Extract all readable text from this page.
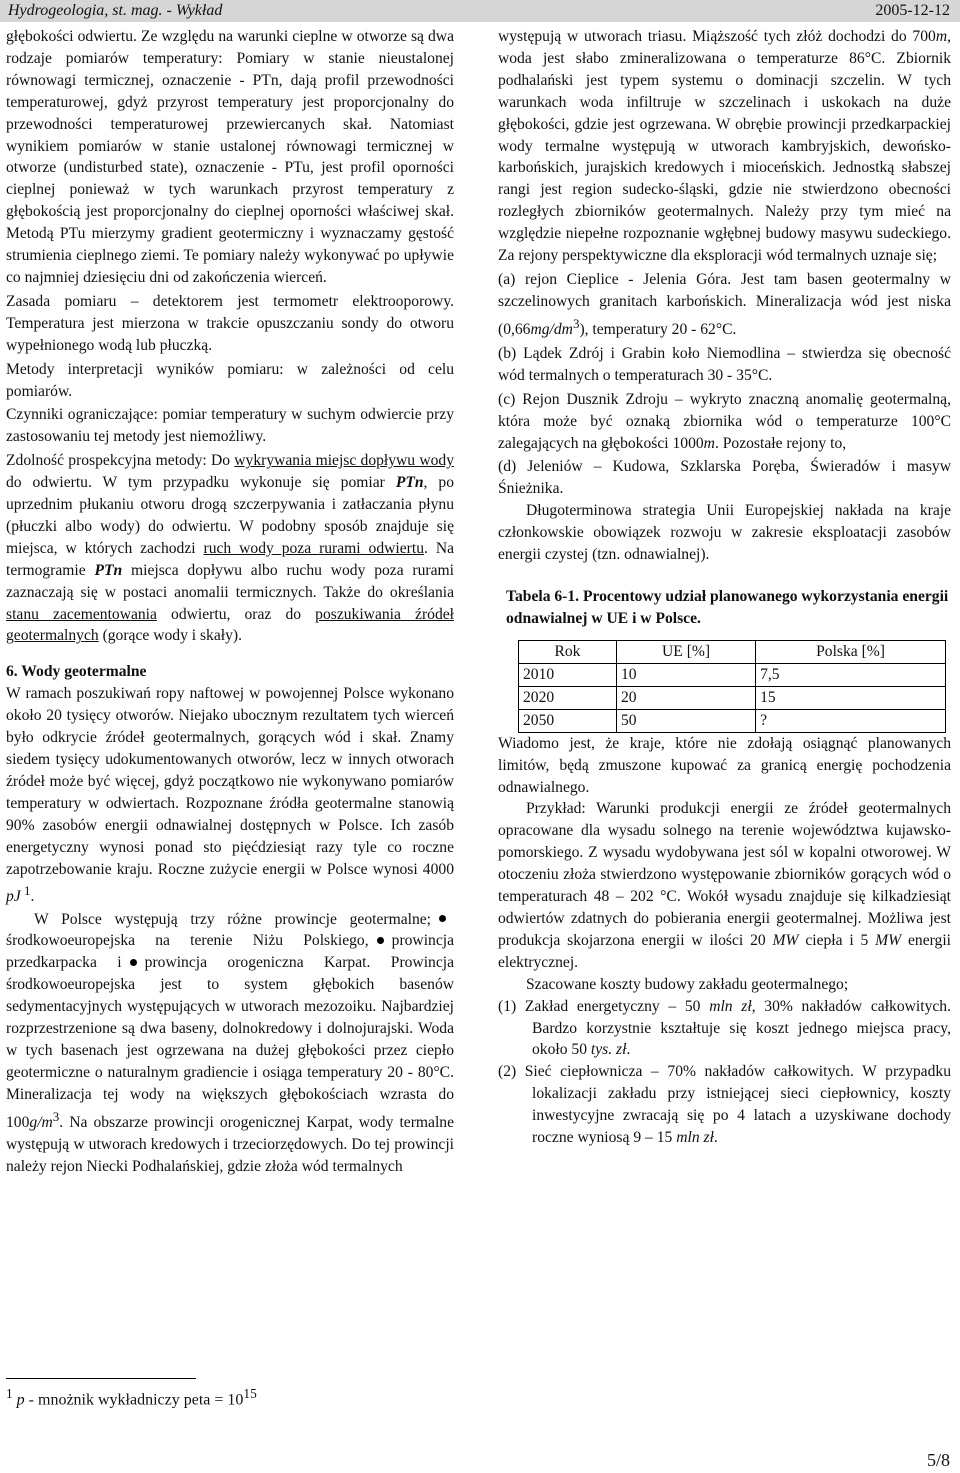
Hydrogeologia, st. mag. - Wykład	2005-12-12

głębokości odwiertu. Ze względu na warunki cieplne w otworze są dwa rodzaje pomiarów temperatury: Pomiary w stanie nieustalonej równowagi termicznej, oznaczenie - PTn, dają profil przewodności temperaturowej, gdyż przyrost temperatury jest proporcjonalny do przewodności temperaturowej przewiercanych skał. Natomiast wynikiem pomiarów w stanie ustalonej równowagi termicznej w otworze (undisturbed state), oznaczenie - PTu, jest profil oporności cieplnej ponieważ w tych warunkach przyrost temperatury z głębokością jest proporcjonalny do cieplnej oporności właściwej skał. Metodą PTu mierzymy gradient geotermiczny i wyznaczamy gęstość strumienia cieplnego ziemi. Te pomiary należy wykonywać po upływie co najmniej dziesięciu dni od zakończenia wierceń.

Zasada pomiaru – detektorem jest termometr elektrooporowy. Temperatura jest mierzona w trakcie opuszczaniu sondy do otworu wypełnionego wodą lub płuczką.

Metody interpretacji wyników pomiaru: w zależności od celu pomiarów.

Czynniki ograniczające: pomiar temperatury w suchym odwiercie przy zastosowaniu tej metody jest niemożliwy.

Zdolność prospekcyjna metody: Do wykrywania miejsc dopływu wody do odwiertu. W tym przypadku wykonuje się pomiar PTn, po uprzednim płukaniu otworu drogą szczerpywania i zatłaczania płynu (płuczki albo wody) do odwiertu. W podobny sposób znajduje się miejsca, w których zachodzi ruch wody poza rurami odwiertu. Na termogramie PTn miejsca dopływu albo ruchu wody poza rurami zaznaczają się w postaci anomalii termicznych. Także do określania stanu zacementowania odwiertu, oraz do poszukiwania źródeł geotermalnych (gorące wody i skały).

6. Wody geotermalne

W ramach poszukiwań ropy naftowej w powojennej Polsce wykonano około 20 tysięcy otworów. Niejako ubocznym rezultatem tych wierceń było odkrycie źródeł geotermalnych, gorących wód i skał. Znamy siedem tysięcy udokumentowanych otworów, lecz w innych otworach źródeł może być więcej, gdyż początkowo nie wykonywano pomiarów temperatury w odwiertach. Rozpoznane źródła geotermalne stanowią 90% zasobów energii odnawialnej dostępnych w Polsce. Ich zasób energetyczny wynosi ponad sto pięćdziesiąt razy tyle co roczne zapotrzebowanie kraju. Roczne zużycie energii w Polsce wynosi 4000 pJ $^1$.

W Polsce występują trzy różne prowincje geotermalne;środkowoeuropejska na terenie Niżu Polskiego, prowincja przedkarpacka i prowincja orogeniczna Karpat. Prowincja środkowoeuropejska jest to system głębokich basenów sedymentacyjnych występujących w utworach mezozoiku. Najbardziej rozprzestrzenione są dwa baseny, dolnokredowy i dolnojurajski. Woda w tych basenach jest ogrzewana na dużej głębokości przez ciepło geotermiczne o naturalnym gradiencie i osiąga temperatury 20 - 80°C. Mineralizacja tej wody na większych głębokościach wzrasta do $100g/m^3$. Na obszarze prowincji orogenicznej Karpat, wody termalne występują w utworach kredowych i trzeciorzędowych. Do tej prowincji należy rejon Niecki Podhalańskiej, gdzie złoża wód termalnych

występują w utworach triasu. Miąższość tych złóż dochodzi do 700m, woda jest słabo zmineralizowana o temperaturze 86°C. Zbiornik podhalański jest typem systemu o dominacji szczelin. W tych warunkach woda infiltruje w szczelinach i uskokach na duże głębokości, gdzie jest ogrzewana. W obrębie prowincji przedkarpackiej wody termalne występują w utworach kambryjskich, dewońsko-karbońskich, jurajskich kredowych i mioceńskich. Jednostką słabszej rangi jest region sudecko-śląski, gdzie nie stwierdzono obecności rozległych zbiorników geotermalnych. Należy przy tym mieć na względzie niepełne rozpoznanie wgłębnej budowy masywu sudeckiego. Za rejony perspektywiczne dla eksploracji wód termalnych uznaje się;

(a) rejon Cieplice - Jelenia Góra. Jest tam basen geotermalny w szczelinowych granitach karbońskich. Mineralizacja wód jest niska $(0,66mg/dm^3)$, temperatury 20 - 62°C.

(b) Lądek Zdrój i Grabin koło Niemodlina – stwierdza się obecność wód termalnych o temperaturach 30 - 35°C.

(c) Rejon Dusznik Zdroju – wykryto znaczną anomalię geotermalną, która może być oznaką zbiornika wód o temperaturze 100°C zalegających na głębokości 1000m. Pozostałe rejony to,

(d) Jeleniów – Kudowa, Szklarska Poręba, Świeradów i masyw Śnieżnika.

Długoterminowa strategia Unii Europejskiej nakłada na kraje członkowskie obowiązek rozwoju w zakresie eksploatacji zasobów energii czystej (tzn. odnawialnej).

Tabela 6-1. Procentowy udział planowanego wykorzystania energii odnawialnej w UE i w Polsce.

Rok	UE [%]	Polska [%]
2010	10	7,5
2020	20	15
2050	50	?

Wiadomo jest, że kraje, które nie zdołają osiągnąć planowanych limitów, będą zmuszone kupować za granicą energię pochodzenia odnawialnego.

Przykład: Warunki produkcji energii ze źródeł geotermalnych opracowane dla wysadu solnego na terenie województwa kujawsko-pomorskiego. Z wysadu wydobywana jest sól w kopalni otworowej. W otoczeniu złoża stwierdzono występowanie zbiorników gorących wód o temperaturach 48 – 202 °C. Wokół wysadu znajduje się kilkadziesiąt odwiertów zdatnych do pobierania energii geotermalnej. Możliwa jest produkcja skojarzona energii w ilości 20 MW ciepła i 5 MW energii elektrycznej.

Szacowane koszty budowy zakładu geotermalnego;

(1) Zakład energetyczny – 50 mln zł, 30% nakładów całkowitych. Bardzo korzystnie kształtuje się koszt jednego miejsca pracy, około 50 tys. zł.

(2) Sieć ciepłownicza – 70% nakładów całkowitych. W przypadku lokalizacji zakładu przy istniejącej sieci ciepłownicy, koszty inwestycyjne zwracają się po 4 latach a uzyskiwane dochody roczne wyniosą 9 – 15 mln zł.

$^1$ p - mnożnik wykładniczy peta = $10^{15}$
5/8
